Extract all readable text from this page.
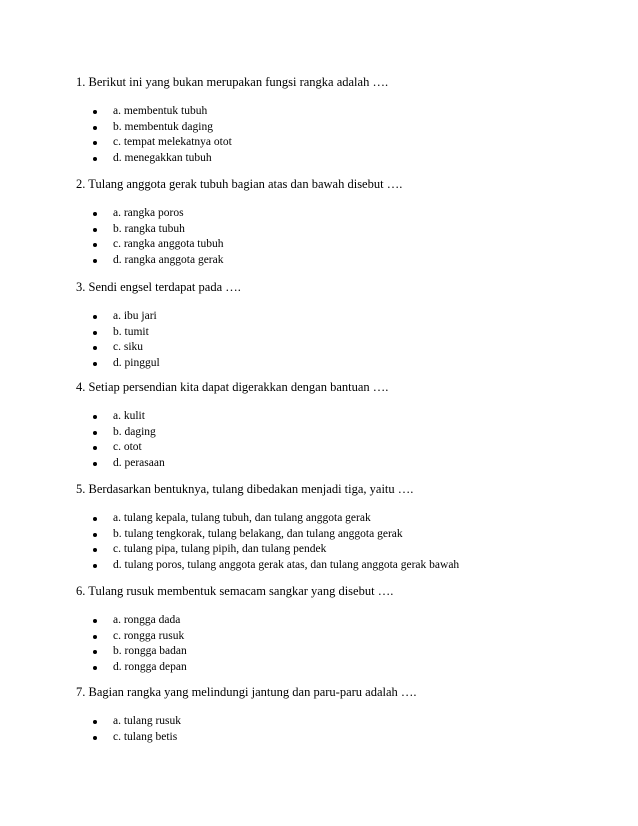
1. Berikut ini yang bukan merupakan fungsi rangka adalah ….
a. membentuk tubuh
b. membentuk daging
c. tempat melekatnya otot
d. menegakkan tubuh
2. Tulang anggota gerak tubuh bagian atas dan bawah disebut ….
a. rangka poros
b. rangka tubuh
c. rangka anggota tubuh
d. rangka anggota gerak
3. Sendi engsel terdapat pada ….
a. ibu jari
b. tumit
c. siku
d. pinggul
4. Setiap persendian kita dapat digerakkan dengan bantuan ….
a. kulit
b. daging
c. otot
d. perasaan
5. Berdasarkan bentuknya, tulang dibedakan menjadi tiga, yaitu ….
a. tulang kepala, tulang tubuh, dan tulang anggota gerak
b. tulang tengkorak, tulang belakang, dan tulang anggota gerak
c. tulang pipa, tulang pipih, dan tulang pendek
d. tulang poros, tulang anggota gerak atas, dan tulang anggota gerak bawah
6. Tulang rusuk membentuk semacam sangkar yang disebut ….
a. rongga dada
c. rongga rusuk
b. rongga badan
d. rongga depan
7. Bagian rangka yang melindungi jantung dan paru-paru adalah ….
a. tulang rusuk
c. tulang betis
